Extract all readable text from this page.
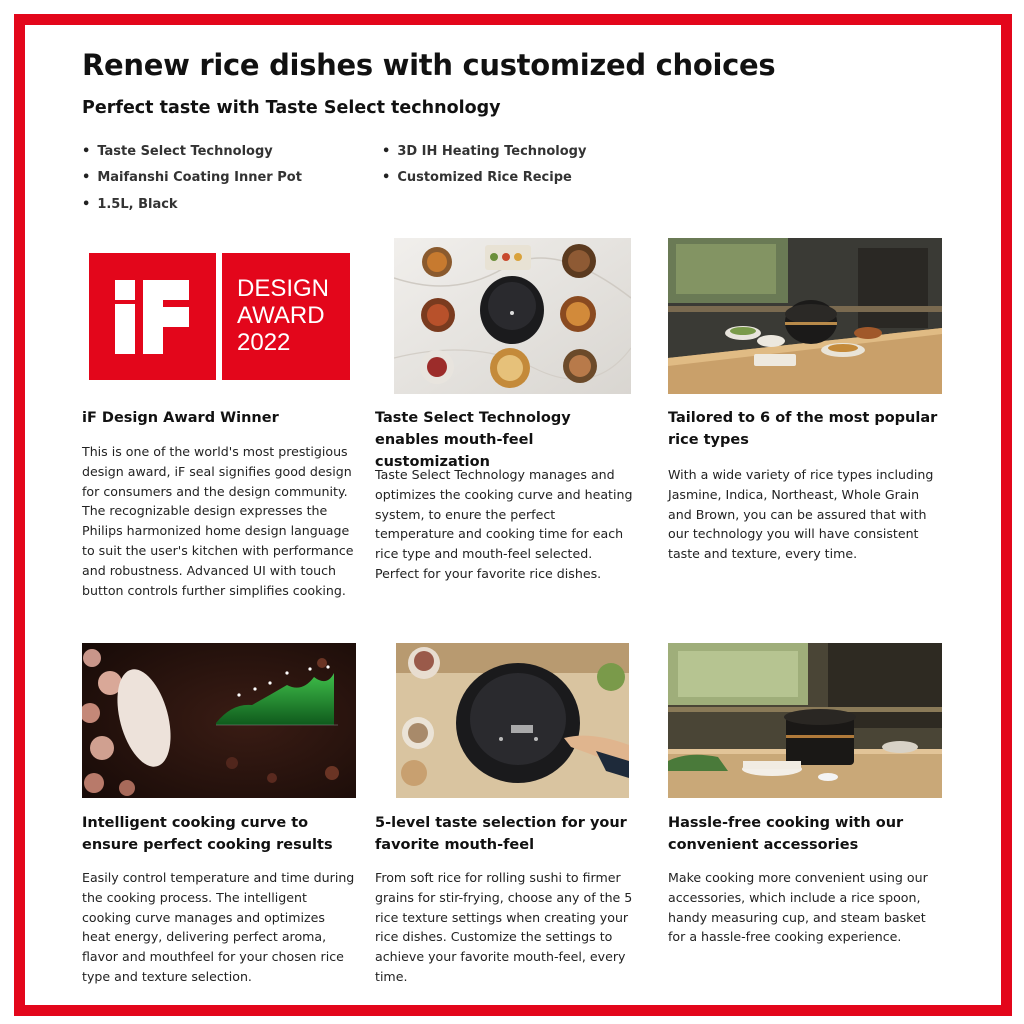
Renew rice dishes with customized choices
Perfect taste with Taste Select technology
• Taste Select Technology
• Maifanshi Coating Inner Pot
• 1.5L, Black
• 3D IH Heating Technology
• Customized Rice Recipe
DESIGN
AWARD
2022
iF Design Award Winner

This is one of the world's most prestigious design award, iF seal signifies good design for consumers and the design community. The recognizable design expresses the Philips harmonized home design language to suit the user's kitchen with performance and robustness. Advanced UI with touch button controls further simplifies cooking.

Taste Select Technology enables mouth-feel customization

Taste Select Technology manages and optimizes the cooking curve and heating system, to enure the perfect temperature and cooking time for each rice type and mouth-feel selected. Perfect for your favorite rice dishes.

Tailored to 6 of the most popular rice types

With a wide variety of rice types including Jasmine, Indica, Northeast, Whole Grain and Brown, you can be assured that with our technology you will have consistent taste and texture, every time.

Intelligent cooking curve to ensure perfect cooking results

Easily control temperature and time during the cooking process. The intelligent cooking curve manages and optimizes heat energy, delivering perfect aroma, flavor and mouthfeel for your chosen rice type and texture selection.

5-level taste selection for your favorite mouth-feel

From soft rice for rolling sushi to firmer grains for stir-frying, choose any of the 5 rice texture settings when creating your rice dishes. Customize the settings to achieve your favorite mouth-feel, every time.

Hassle-free cooking with our convenient accessories

Make cooking more convenient using our accessories, which include a rice spoon, handy measuring cup, and steam basket for a hassle-free cooking experience.
